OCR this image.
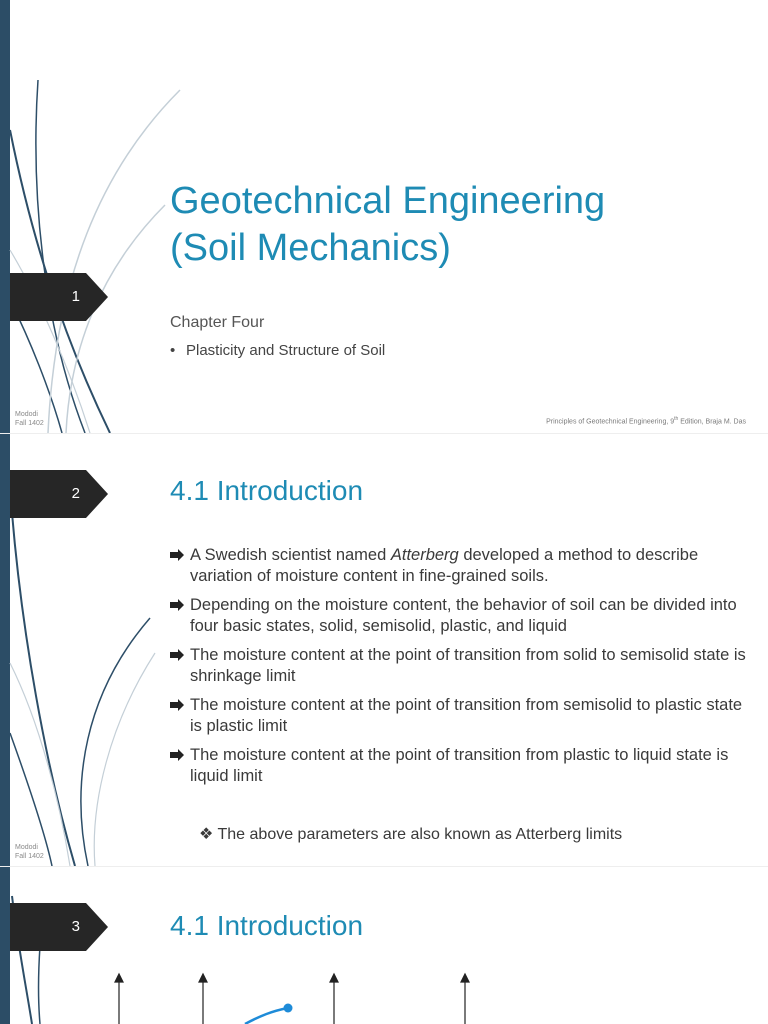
1
Geotechnical Engineering
(Soil Mechanics)
Chapter Four
• Plasticity and Structure of Soil
Mododi
Fall 1402	Principles of Geotechnical Engineering, 9th Edition, Braja M. Das
2	4.1 Introduction
A Swedish scientist named Atterberg developed a method to describe variation of moisture content in fine-grained soils.
Depending on the moisture content, the behavior of soil can be divided into four basic states, solid, semisolid, plastic, and liquid
The moisture content at the point of transition from solid to semisolid state is shrinkage limit
The moisture content at the point of transition from semisolid to plastic state is plastic limit
The moisture content at the point of transition from plastic to liquid state is liquid limit
❖ The above parameters are also known as Atterberg limits
Mododi
Fall 1402
3	4.1 Introduction
